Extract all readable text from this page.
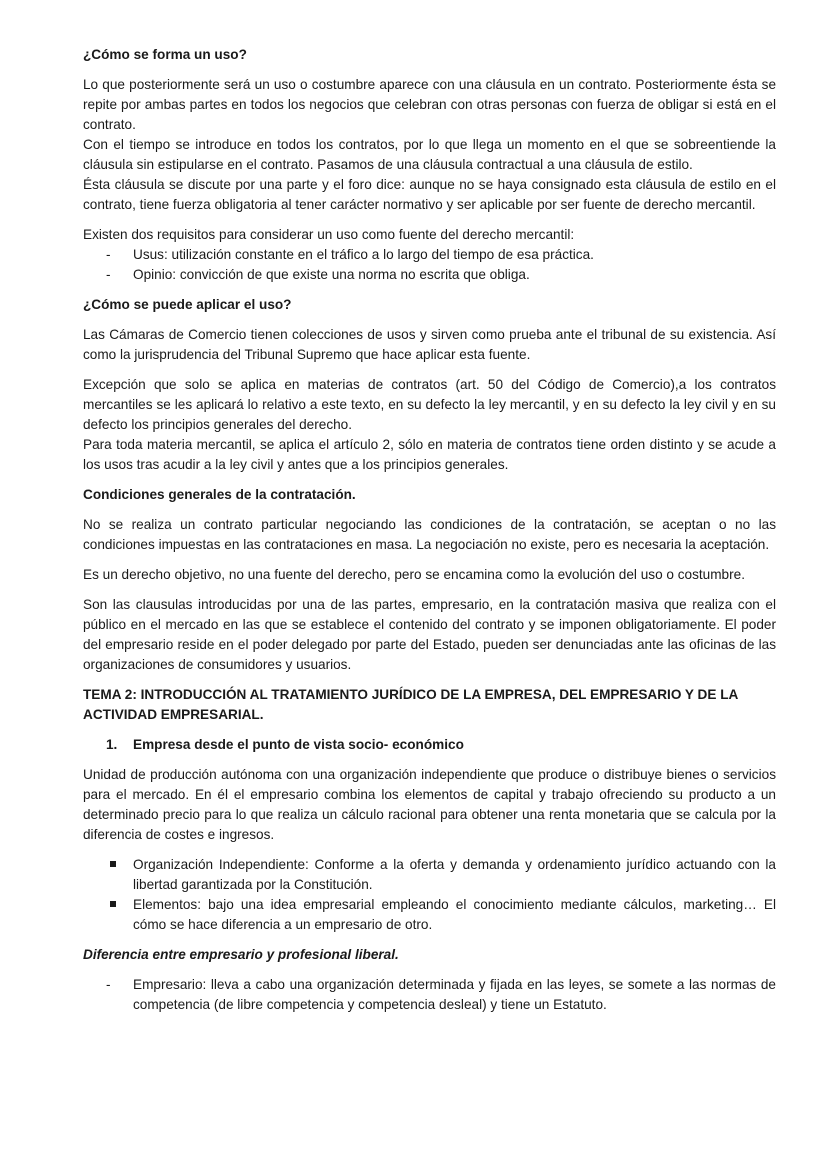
¿Cómo se forma un uso?

Lo que posteriormente será un uso o costumbre aparece con una cláusula en un contrato. Posteriormente ésta se repite por ambas partes en todos los negocios que celebran con otras personas con fuerza de obligar si está en el contrato.

Con el tiempo se introduce en todos los contratos, por lo que llega un momento en el que se sobreentiende la cláusula sin estipularse en el contrato. Pasamos de una cláusula contractual a una cláusula de estilo.

Ésta cláusula se discute por una parte y el foro dice: aunque no se haya consignado esta cláusula de estilo en el contrato, tiene fuerza obligatoria al tener carácter normativo y ser aplicable por ser fuente de derecho mercantil.

Existen dos requisitos para considerar un uso como fuente del derecho mercantil:

- Usus: utilización constante en el tráfico a lo largo del tiempo de esa práctica.
- Opinio: convicción de que existe una norma no escrita que obliga.
¿Cómo se puede aplicar el uso?

Las Cámaras de Comercio tienen colecciones de usos y sirven como prueba ante el tribunal de su existencia. Así como la jurisprudencia del Tribunal Supremo que hace aplicar esta fuente.

Excepción que solo se aplica en materias de contratos (art. 50 del Código de Comercio),a los contratos mercantiles se les aplicará lo relativo a este texto, en su defecto la ley mercantil, y en su defecto la ley civil y en su defecto los principios generales del derecho.

Para toda materia mercantil, se aplica el artículo 2, sólo en materia de contratos tiene orden distinto y se acude a los usos tras acudir a la ley civil y antes que a los principios generales.

Condiciones generales de la contratación.

No se realiza un contrato particular negociando las condiciones de la contratación, se aceptan o no las condiciones impuestas en las contrataciones en masa. La negociación no existe, pero es necesaria la aceptación.

Es un derecho objetivo, no una fuente del derecho, pero se encamina como la evolución del uso o costumbre.

Son las clausulas introducidas por una de las partes, empresario, en la contratación masiva que realiza con el público en el mercado en las que se establece el contenido del contrato y se imponen obligatoriamente. El poder del empresario reside en el poder delegado por parte del Estado, pueden ser denunciadas ante las oficinas de las organizaciones de consumidores y usuarios.

TEMA 2: INTRODUCCIÓN AL TRATAMIENTO JURÍDICO DE LA EMPRESA, DEL EMPRESARIO Y DE LA ACTIVIDAD EMPRESARIAL.
1. Empresa desde el punto de vista socio- económico

Unidad de producción autónoma con una organización independiente que produce o distribuye bienes o servicios para el mercado. En él el empresario combina los elementos de capital y trabajo ofreciendo su producto a un determinado precio para lo que realiza un cálculo racional para obtener una renta monetaria que se calcula por la diferencia de costes e ingresos.

Organización Independiente: Conforme a la oferta y demanda y ordenamiento jurídico actuando con la libertad garantizada por la Constitución.
Elementos: bajo una idea empresarial empleando el conocimiento mediante cálculos, marketing… El cómo se hace diferencia a un empresario de otro.
Diferencia entre empresario y profesional liberal.
- Empresario: lleva a cabo una organización determinada y fijada en las leyes, se somete a las normas de competencia (de libre competencia y competencia desleal) y tiene un Estatuto.
